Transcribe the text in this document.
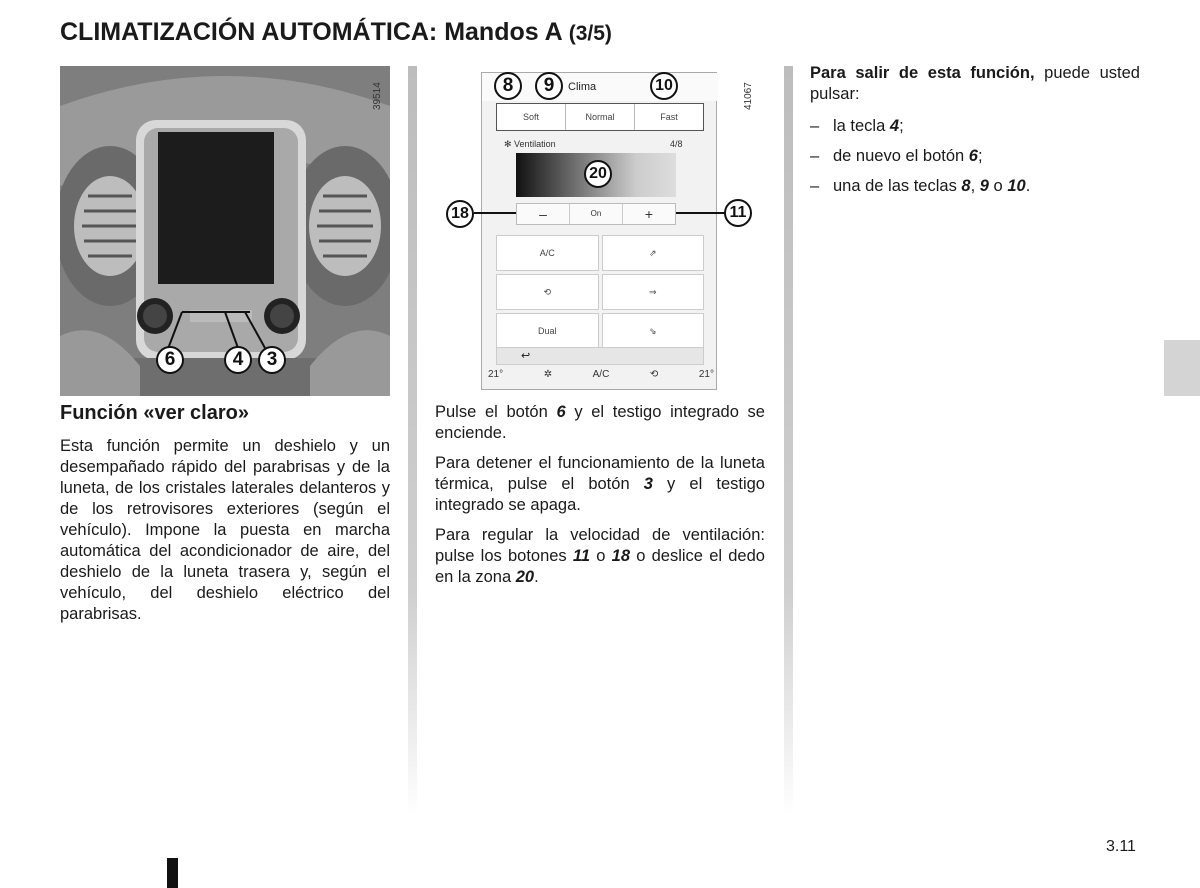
CLIMATIZACIÓN AUTOMÁTICA: Mandos A (3/5)
39514
6	4	3
Función «ver claro»

Esta función permite un deshielo y un desempañado rápido del parabrisas y de la luneta, de los cristales laterales delanteros y de los retrovisores exteriores (según el vehículo). Impone la puesta en marcha automática del acondicionador de aire, del deshielo de la luneta trasera y, según el vehículo, del deshielo eléctrico del parabrisas.

41067
Clima
Soft	Normal	Fast
✻ Ventilation	4/8
–	On	+
A/C	⇗
⟲	⇒
Dual	⇘
↩
21°	✲	A/C	⟲	21°
8	9	10
20
18	11

Pulse el botón 6 y el testigo integrado se enciende.

Para detener el funcionamiento de la luneta térmica, pulse el botón 3 y el testigo integrado se apaga.

Para regular la velocidad de ventilación: pulse los botones 11 o 18 o deslice el dedo en la zona 20.

Para salir de esta función, puede usted pulsar:

– la tecla 4;
– de nuevo el botón 6;
– una de las teclas 8, 9 o 10.
3.11
